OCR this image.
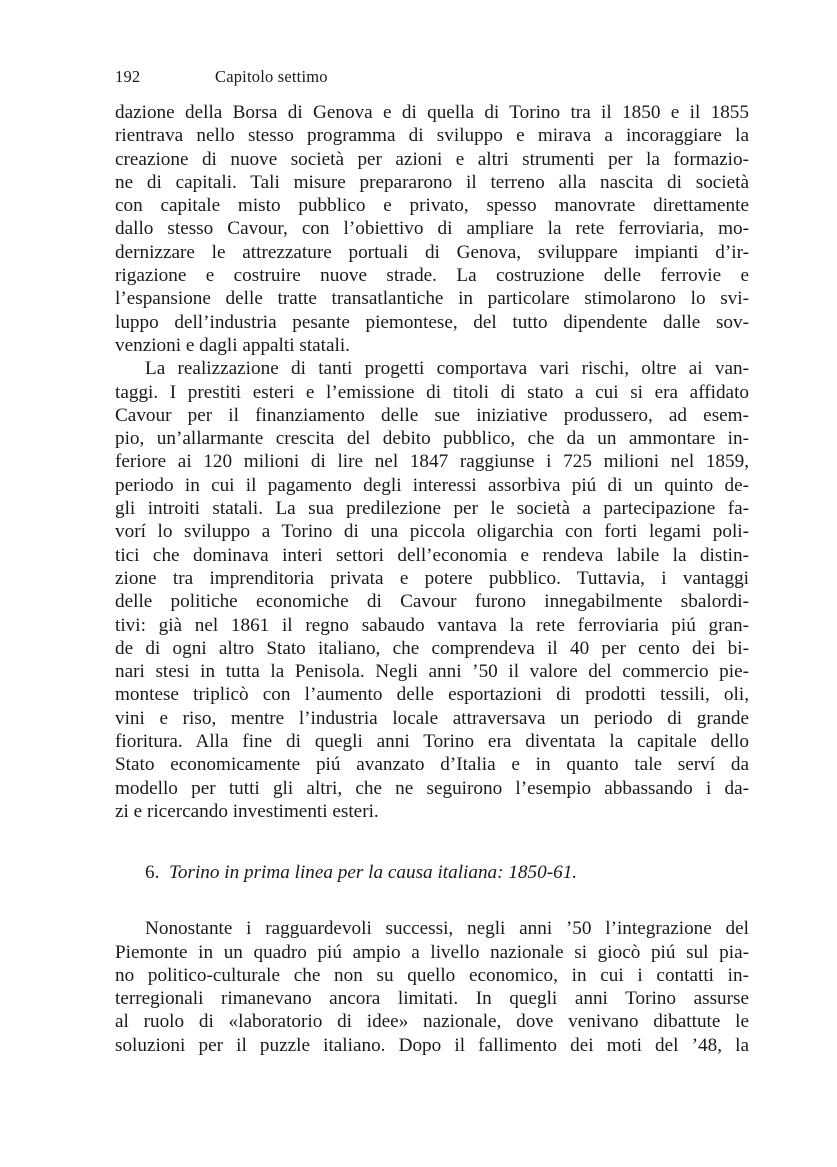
192	Capitolo settimo
dazione della Borsa di Genova e di quella di Torino tra il 1850 e il 1855
rientrava nello stesso programma di sviluppo e mirava a incoraggiare la
creazione di nuove società per azioni e altri strumenti per la formazio-
ne di capitali. Tali misure prepararono il terreno alla nascita di società
con capitale misto pubblico e privato, spesso manovrate direttamente
dallo stesso Cavour, con l’obiettivo di ampliare la rete ferroviaria, mo-
dernizzare le attrezzature portuali di Genova, sviluppare impianti d’ir-
rigazione e costruire nuove strade. La costruzione delle ferrovie e
l’espansione delle tratte transatlantiche in particolare stimolarono lo svi-
luppo dell’industria pesante piemontese, del tutto dipendente dalle sov-
venzioni e dagli appalti statali.
La realizzazione di tanti progetti comportava vari rischi, oltre ai van-
taggi. I prestiti esteri e l’emissione di titoli di stato a cui si era affidato
Cavour per il finanziamento delle sue iniziative produssero, ad esem-
pio, un’allarmante crescita del debito pubblico, che da un ammontare in-
feriore ai 120 milioni di lire nel 1847 raggiunse i 725 milioni nel 1859,
periodo in cui il pagamento degli interessi assorbiva piú di un quinto de-
gli introiti statali. La sua predilezione per le società a partecipazione fa-
vorí lo sviluppo a Torino di una piccola oligarchia con forti legami poli-
tici che dominava interi settori dell’economia e rendeva labile la distin-
zione tra imprenditoria privata e potere pubblico. Tuttavia, i vantaggi
delle politiche economiche di Cavour furono innegabilmente sbalordi-
tivi: già nel 1861 il regno sabaudo vantava la rete ferroviaria piú gran-
de di ogni altro Stato italiano, che comprendeva il 40 per cento dei bi-
nari stesi in tutta la Penisola. Negli anni ’50 il valore del commercio pie-
montese triplicò con l’aumento delle esportazioni di prodotti tessili, oli,
vini e riso, mentre l’industria locale attraversava un periodo di grande
fioritura. Alla fine di quegli anni Torino era diventata la capitale dello
Stato economicamente piú avanzato d’Italia e in quanto tale serví da
modello per tutti gli altri, che ne seguirono l’esempio abbassando i da-
zi e ricercando investimenti esteri.
6. Torino in prima linea per la causa italiana: 1850-61.
Nonostante i ragguardevoli successi, negli anni ’50 l’integrazione del
Piemonte in un quadro piú ampio a livello nazionale si giocò piú sul pia-
no politico-culturale che non su quello economico, in cui i contatti in-
terregionali rimanevano ancora limitati. In quegli anni Torino assurse
al ruolo di «laboratorio di idee» nazionale, dove venivano dibattute le
soluzioni per il puzzle italiano. Dopo il fallimento dei moti del ’48, la
